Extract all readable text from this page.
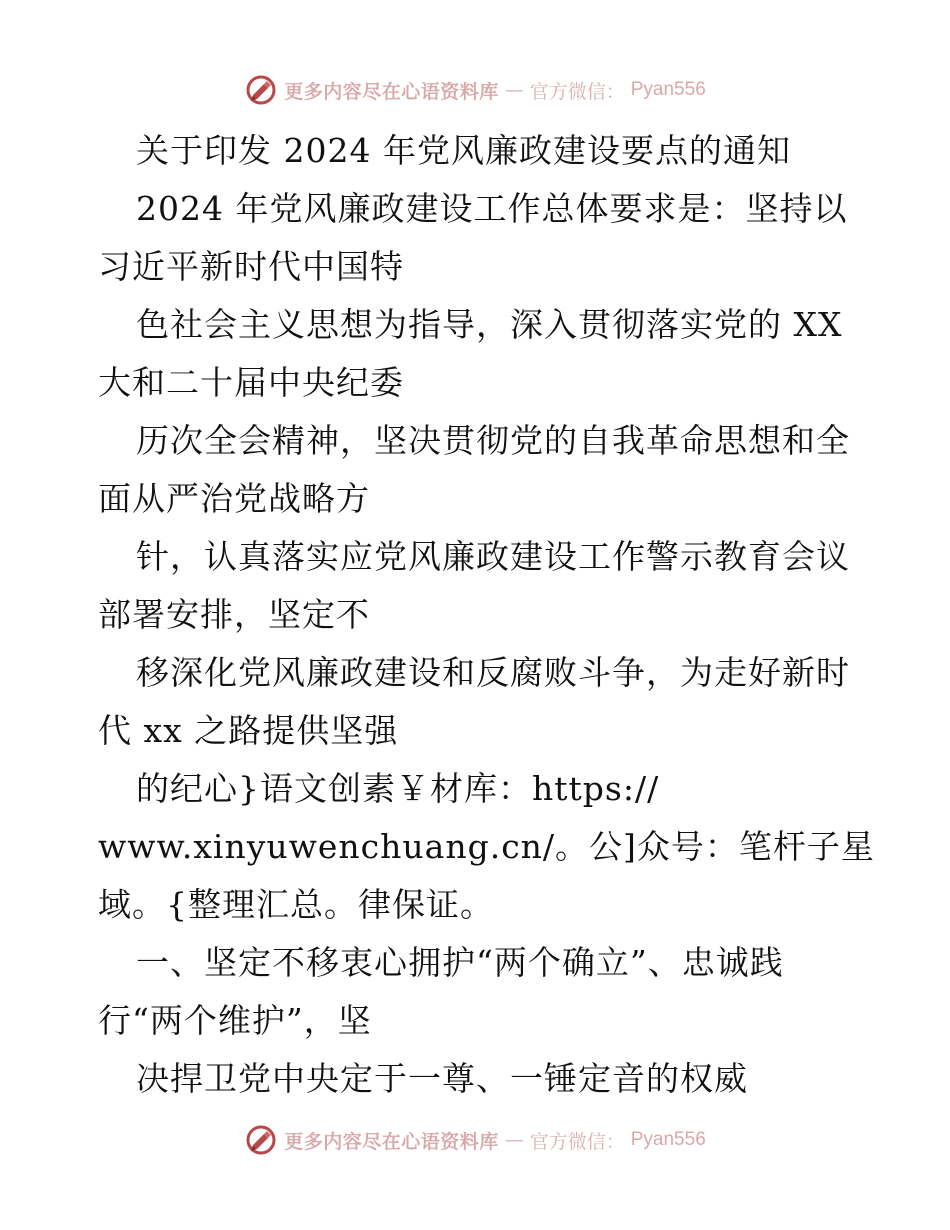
更多内容尽在心语资料库 — 官方微信： Pyan556
关于印发 2024 年党风廉政建设要点的通知
2024 年党风廉政建设工作总体要求是：坚持以
习近平新时代中国特
色社会主义思想为指导，深入贯彻落实党的 XX
大和二十届中央纪委
历次全会精神，坚决贯彻党的自我革命思想和全
面从严治党战略方
针，认真落实应党风廉政建设工作警示教育会议
部署安排，坚定不
移深化党风廉政建设和反腐败斗争，为走好新时
代 xx 之路提供坚强
的纪心}语文创素￥材库：https://
www.xinyuwenchuang.cn/。公]众号：笔杆子星
域。{整理汇总。律保证。
一、坚定不移衷心拥护“两个确立”、忠诚践
行“两个维护”，坚
决捍卫党中央定于一尊、一锤定音的权威
更多内容尽在心语资料库 — 官方微信： Pyan556
